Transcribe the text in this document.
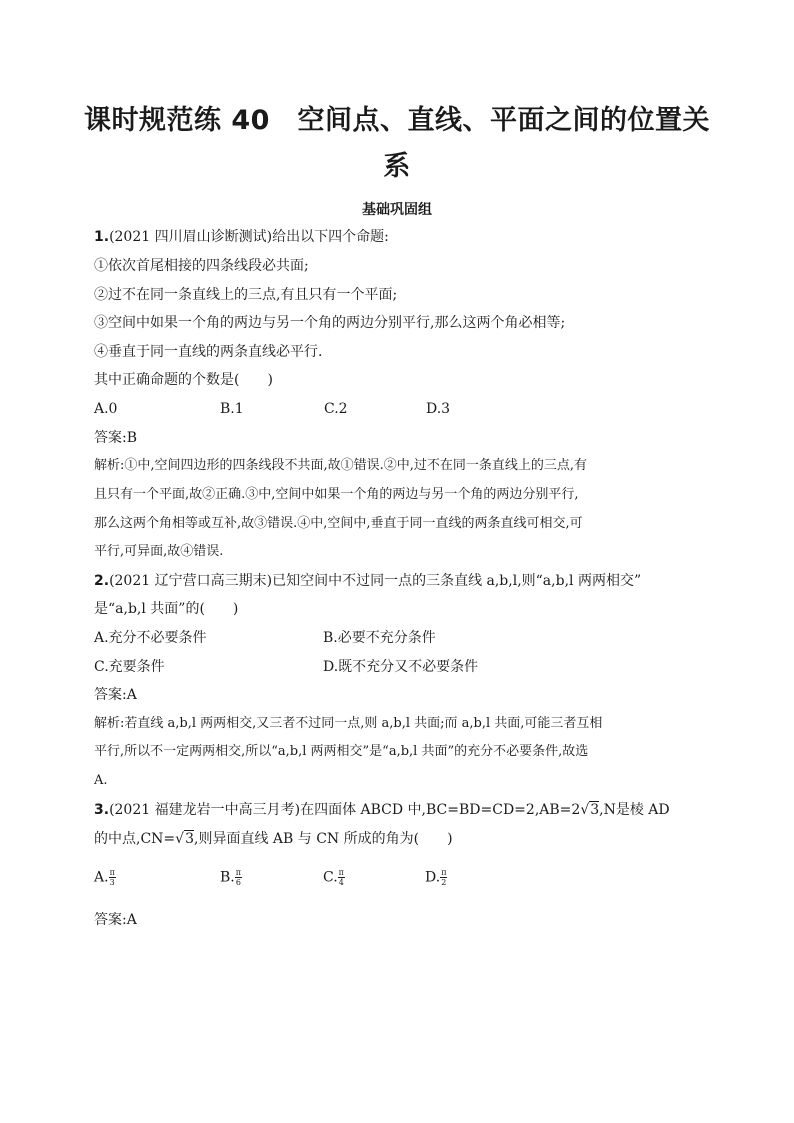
课时规范练 40　空间点、直线、平面之间的位置关
系
基础巩固组
1.(2021 四川眉山诊断测试)给出以下四个命题:
①依次首尾相接的四条线段必共面;
②过不在同一条直线上的三点,有且只有一个平面;
③空间中如果一个角的两边与另一个角的两边分别平行,那么这两个角必相等;
④垂直于同一直线的两条直线必平行.
其中正确命题的个数是(　　)
A.0	B.1	C.2	D.3
答案:B
解析:①中,空间四边形的四条线段不共面,故①错误.②中,过不在同一条直线上的三点,有
且只有一个平面,故②正确.③中,空间中如果一个角的两边与另一个角的两边分别平行,
那么这两个角相等或互补,故③错误.④中,空间中,垂直于同一直线的两条直线可相交,可
平行,可异面,故④错误.
2.(2021 辽宁营口高三期末)已知空间中不过同一点的三条直线 a,b,l,则“a,b,l 两两相交”
是“a,b,l 共面”的(　　)
A.充分不必要条件	B.必要不充分条件
C.充要条件	D.既不充分又不必要条件
答案:A
解析:若直线 a,b,l 两两相交,又三者不过同一点,则 a,b,l 共面;而 a,b,l 共面,可能三者互相
平行,所以不一定两两相交,所以“a,b,l 两两相交”是“a,b,l 共面”的充分不必要条件,故选
A.
3.(2021 福建龙岩一中高三月考)在四面体 ABCD 中,BC=BD=CD=2,AB=2√3,N是棱 AD
的中点,CN=√3,则异面直线 AB 与 CN 所成的角为(　　)
A. $\frac{\pi}{3}$	B. $\frac{\pi}{6}$	C. $\frac{\pi}{4}$	D. $\frac{\pi}{2}$
答案:A
